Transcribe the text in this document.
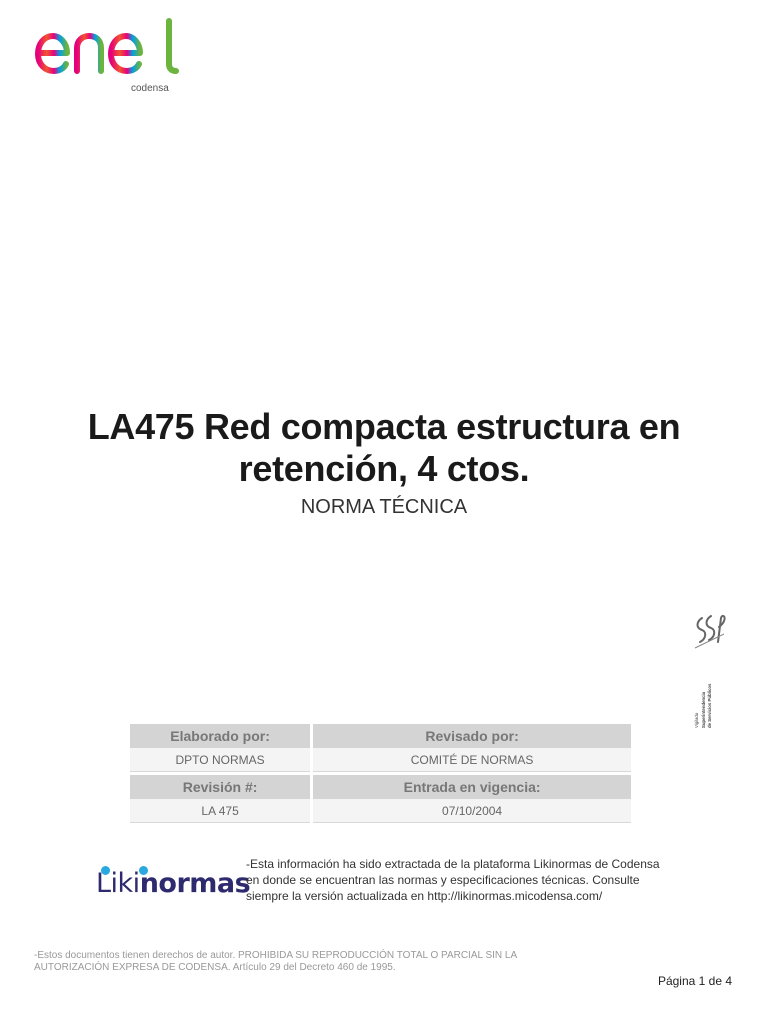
codensa
LA475 Red compacta estructura en retención, 4 ctos.
NORMA TÉCNICA
Vigilado Superintendencia de Servicios Públicos
Elaborado por:	Revisado por:
DPTO NORMAS	COMITÉ DE NORMAS

Revisión #:	Entrada en vigencia:
LA 475	07/10/2004
Likinormas
-Esta información ha sido extractada de la plataforma Likinormas de Codensa en donde se encuentran las normas y especificaciones técnicas. Consulte siempre la versión actualizada en http://likinormas.micodensa.com/
-Estos documentos tienen derechos de autor. PROHIBIDA SU REPRODUCCIÓN TOTAL O PARCIAL SIN LA AUTORIZACIÓN EXPRESA DE CODENSA. Artículo 29 del Decreto 460 de 1995.
Página 1 de 4
